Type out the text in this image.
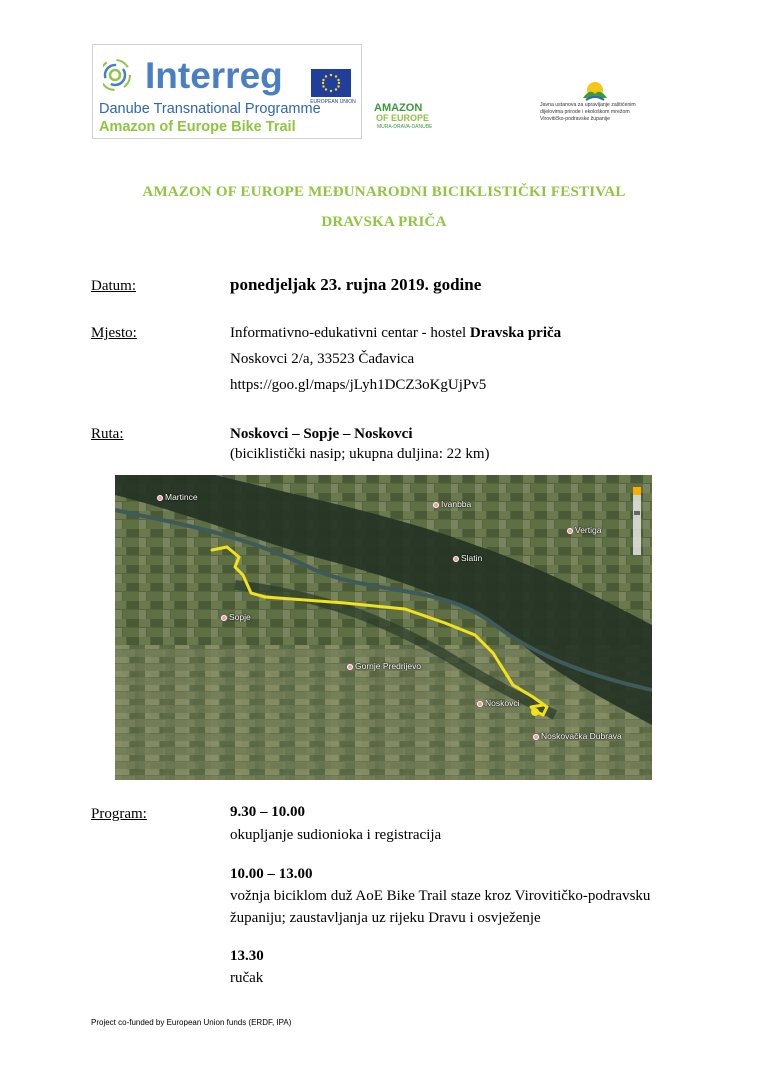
Interreg
EUROPEAN UNION
Danube Transnational Programme
Amazon of Europe Bike Trail
AMAZON
OF EUROPE
MURA-DRAVA-DANUBE
Javna ustanova za upravljanje zaštićenim dijelovima prirode i ekološkom mrežom Virovitičko-podravske županije
AMAZON OF EUROPE MEĐUNARODNI BICIKLISTIČKI FESTIVAL
DRAVSKA PRIČA
Datum:	ponedjeljak 23. rujna 2019. godine
Mjesto:	Informativno-edukativni centar - hostel Dravska priča
Noskovci 2/a, 33523 Čađavica
https://goo.gl/maps/jLyh1DCZ3oKgUjPv5
Ruta:	Noskovci – Sopje – Noskovci
(biciklistički nasip; ukupna duljina: 22 km)
Martince
Ivanbba
Vertiga
Slatin
Sopje
Gornje Predrijevo
Noskovci
Noskovačka Dubrava
Program:	9.30 – 10.00
okupljanje sudionioka i registracija
10.00 – 13.00
vožnja biciklom duž AoE Bike Trail staze kroz Virovitičko-podravsku županiju; zaustavljanja uz rijeku Dravu i osvježenje
13.30
ručak
Project co-funded by European Union funds (ERDF, IPA)
